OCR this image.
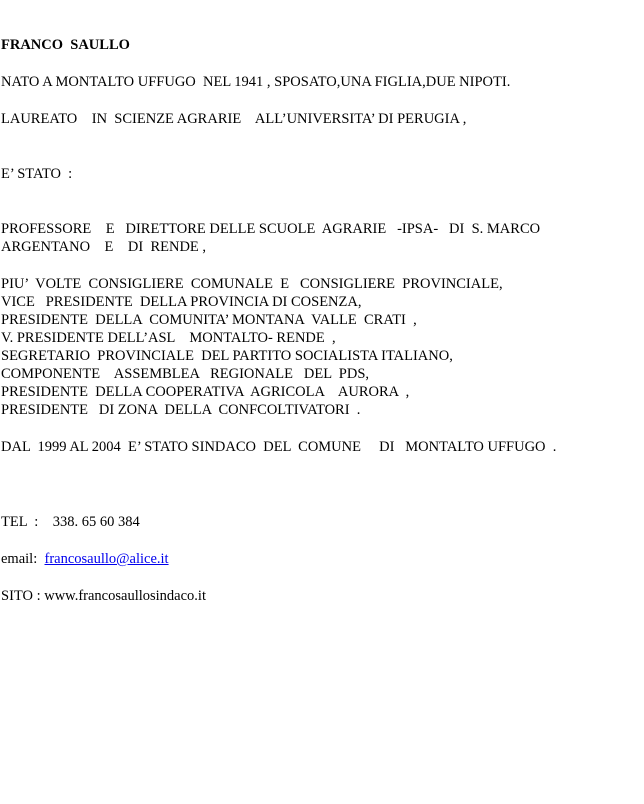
FRANCO  SAULLO
NATO A MONTALTO UFFUGO  NEL 1941 , SPOSATO,UNA FIGLIA,DUE NIPOTI.
LAUREATO    IN  SCIENZE AGRARIE    ALL’UNIVERSITA’ DI PERUGIA ,
E’ STATO  :
PROFESSORE    E   DIRETTORE DELLE SCUOLE  AGRARIE   -IPSA-   DI  S. MARCO
ARGENTANO    E    DI  RENDE ,
PIU’  VOLTE  CONSIGLIERE  COMUNALE  E   CONSIGLIERE  PROVINCIALE,
VICE   PRESIDENTE  DELLA PROVINCIA DI COSENZA,
PRESIDENTE  DELLA  COMUNITA’ MONTANA  VALLE  CRATI  ,
V. PRESIDENTE DELL’ASL    MONTALTO- RENDE  ,
SEGRETARIO  PROVINCIALE  DEL PARTITO SOCIALISTA ITALIANO,
COMPONENTE    ASSEMBLEA   REGIONALE   DEL  PDS,
PRESIDENTE  DELLA COOPERATIVA  AGRICOLA    AURORA  ,
PRESIDENTE   DI ZONA  DELLA  CONFCOLTIVATORI  .
DAL  1999 AL 2004  E’ STATO SINDACO  DEL  COMUNE     DI   MONTALTO UFFUGO  .
TEL  :    338. 65 60 384
email:  francosaullo@alice.it
SITO : www.francosaullosindaco.it
